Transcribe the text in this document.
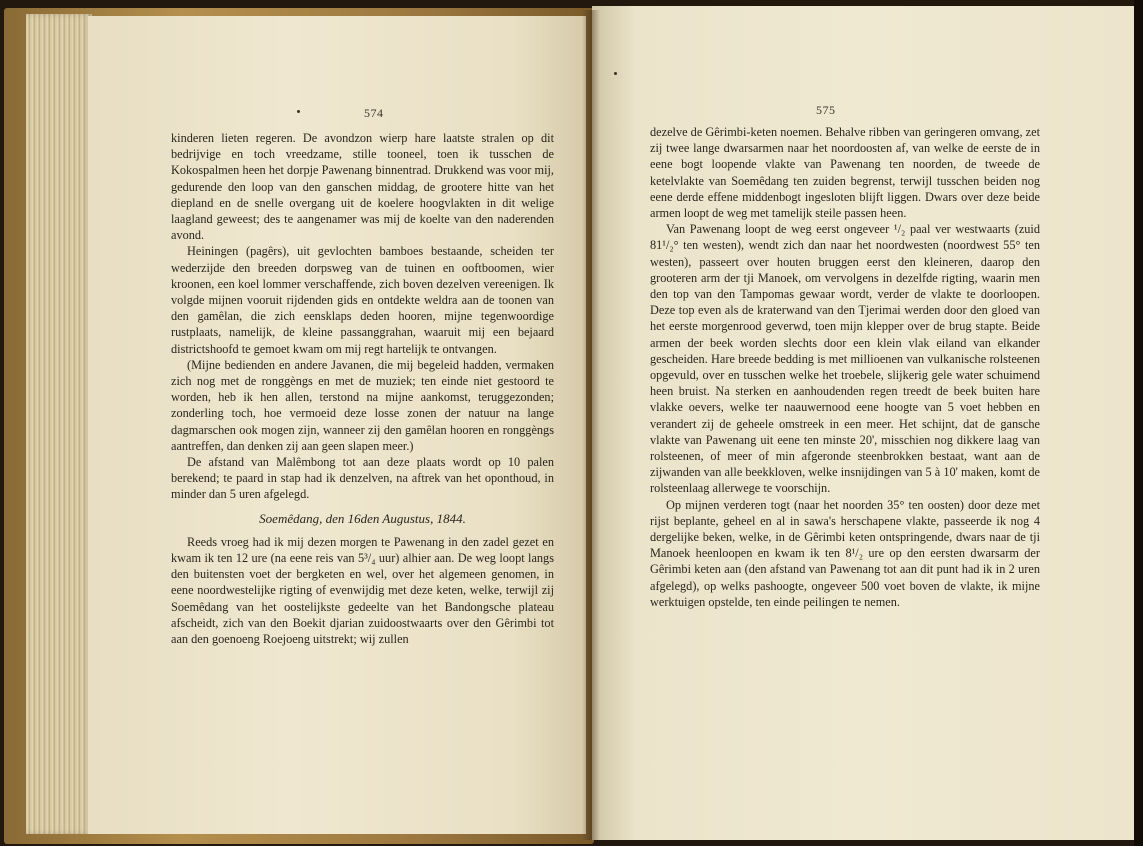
574

kinderen lieten regeren. De avondzon wierp hare laatste stralen op dit bedrijvige en toch vreedzame, stille tooneel, toen ik tusschen de Kokospalmen heen het dorpje Pawenang binnentrad. Drukkend was voor mij, gedurende den loop van den ganschen middag, de grootere hitte van het diepland en de snelle overgang uit de koelere hoogvlakten in dit welige laagland geweest; des te aangenamer was mij de koelte van den naderenden avond.

Heiningen (pagêrs), uit gevlochten bamboes bestaande, scheiden ter wederzijde den breeden dorpsweg van de tuinen en ooftboomen, wier kroonen, een koel lommer verschaffende, zich boven dezelven vereenigen. Ik volgde mijnen vooruit rijdenden gids en ontdekte weldra aan de toonen van den gamêlan, die zich eensklaps deden hooren, mijne tegenwoordige rustplaats, namelijk, de kleine passanggrahan, waaruit mij een bejaard districtshoofd te gemoet kwam om mij regt hartelijk te ontvangen.

(Mijne bedienden en andere Javanen, die mij begeleid hadden, vermaken zich nog met de ronggèngs en met de muziek; ten einde niet gestoord te worden, heb ik hen allen, terstond na mijne aankomst, teruggezonden; zonderling toch, hoe vermoeid deze losse zonen der natuur na lange dagmarschen ook mogen zijn, wanneer zij den gamêlan hooren en ronggèngs aantreffen, dan denken zij aan geen slapen meer.)

De afstand van Malêmbong tot aan deze plaats wordt op 10 palen berekend; te paard in stap had ik denzelven, na aftrek van het oponthoud, in minder dan 5 uren afgelegd.

Soemêdang, den 16den Augustus, 1844.

Reeds vroeg had ik mij dezen morgen te Pawenang in den zadel gezet en kwam ik ten 12 ure (na eene reis van 5³/₄ uur) alhier aan. De weg loopt langs den buitensten voet der bergketen en wel, over het algemeen genomen, in eene noordwestelijke rigting of evenwijdig met deze keten, welke, terwijl zij Soemêdang van het oostelijkste gedeelte van het Bandongsche plateau afscheidt, zich van den Boekit djarian zuidoostwaarts over den Gêrimbi tot aan den goenoeng Roejoeng uitstrekt; wij zullen

575

dezelve de Gêrimbi-keten noemen. Behalve ribben van geringeren omvang, zet zij twee lange dwarsarmen naar het noordoosten af, van welke de eerste de in eene bogt loopende vlakte van Pawenang ten noorden, de tweede de ketelvlakte van Soemêdang ten zuiden begrenst, terwijl tusschen beiden nog eene derde effene middenbogt ingesloten blijft liggen. Dwars over deze beide armen loopt de weg met tamelijk steile passen heen.

Van Pawenang loopt de weg eerst ongeveer ¹/₂ paal ver westwaarts (zuid 81¹/₂° ten westen), wendt zich dan naar het noordwesten (noordwest 55° ten westen), passeert over houten bruggen eerst den kleineren, daarop den grooteren arm der tji Manoek, om vervolgens in dezelfde rigting, waarin men den top van den Tampomas gewaar wordt, verder de vlakte te doorloopen. Deze top even als de kraterwand van den Tjerimai werden door den gloed van het eerste morgenrood geverwd, toen mijn klepper over de brug stapte. Beide armen der beek worden slechts door een klein vlak eiland van elkander gescheiden. Hare breede bedding is met millioenen van vulkanische rolsteenen opgevuld, over en tusschen welke het troebele, slijkerig gele water schuimend heen bruist. Na sterken en aanhoudenden regen treedt de beek buiten hare vlakke oevers, welke ter naauwernood eene hoogte van 5 voet hebben en verandert zij de geheele omstreek in een meer. Het schijnt, dat de gansche vlakte van Pawenang uit eene ten minste 20', misschien nog dikkere laag van rolsteenen, of meer of min afgeronde steenbrokken bestaat, want aan de zijwanden van alle beekkloven, welke insnijdingen van 5 à 10' maken, komt de rolsteenlaag allerwege te voorschijn.

Op mijnen verderen togt (naar het noorden 35° ten oosten) door deze met rijst beplante, geheel en al in sawa's herschapene vlakte, passeerde ik nog 4 dergelijke beken, welke, in de Gêrimbi keten ontspringende, dwars naar de tji Manoek heenloopen en kwam ik ten 8¹/₂ ure op den eersten dwarsarm der Gêrimbi keten aan (den afstand van Pawenang tot aan dit punt had ik in 2 uren afgelegd), op welks pashoogte, ongeveer 500 voet boven de vlakte, ik mijne werktuigen opstelde, ten einde peilingen te nemen.
